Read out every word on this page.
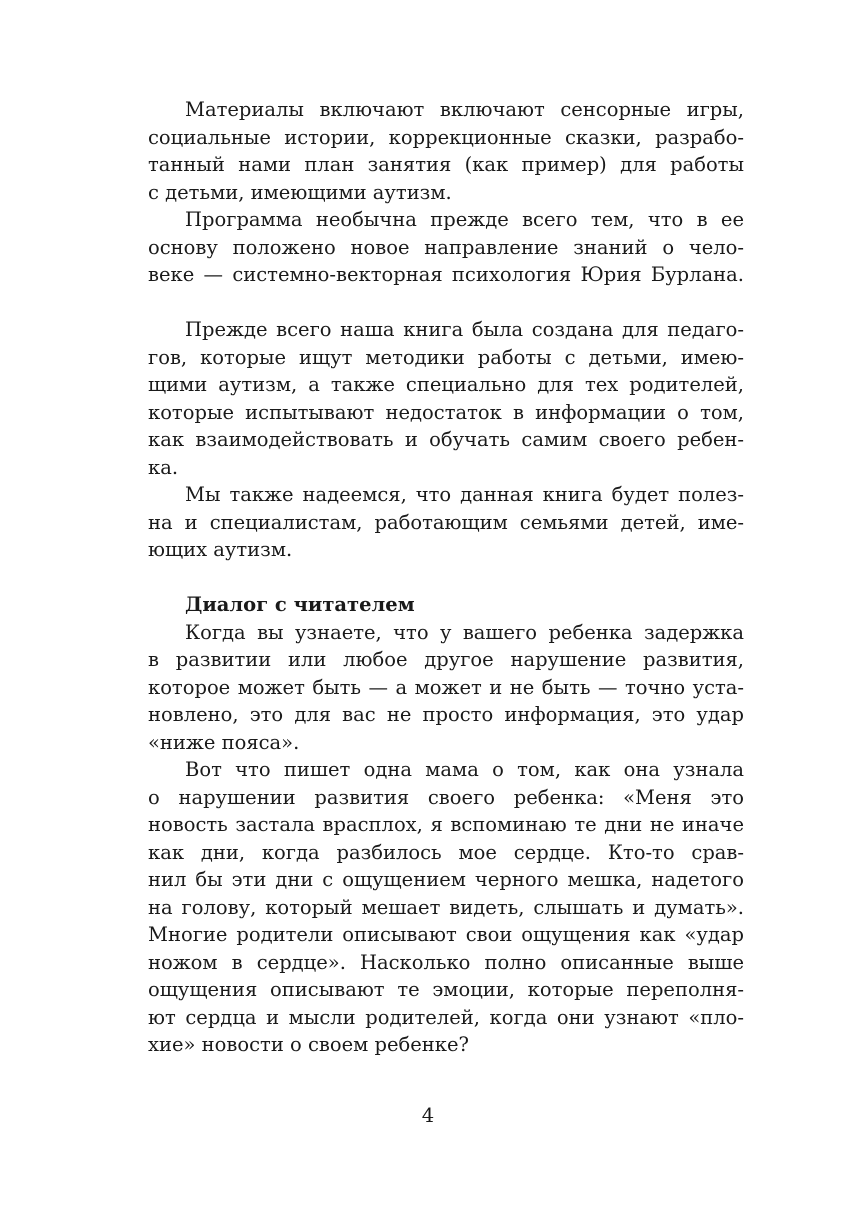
Материалы включают включают сенсорные игры,
социальные истории, коррекционные сказки, разрабо-
танный нами план занятия (как пример) для работы
с детьми, имеющими аутизм.
Программа необычна прежде всего тем, что в ее
основу положено новое направление знаний о чело-
веке — системно-векторная психология Юрия Бурлана.
Прежде всего наша книга была создана для педаго-
гов, которые ищут методики работы с детьми, имею-
щими аутизм, а также специально для тех родителей,
которые испытывают недостаток в информации о том,
как взаимодействовать и обучать самим своего ребен-
ка.
Мы также надеемся, что данная книга будет полез-
на и специалистам, работающим семьями детей, име-
ющих аутизм.
Диалог с читателем
Когда вы узнаете, что у вашего ребенка задержка
в развитии или любое другое нарушение развития,
которое может быть — а может и не быть — точно уста-
новлено, это для вас не просто информация, это удар
«ниже пояса».
Вот что пишет одна мама о том, как она узнала
о нарушении развития своего ребенка: «Меня это
новость застала врасплох, я вспоминаю те дни не иначе
как дни, когда разбилось мое сердце. Кто-то срав-
нил бы эти дни с ощущением черного мешка, надетого
на голову, который мешает видеть, слышать и думать».
Многие родители описывают свои ощущения как «удар
ножом в сердце». Насколько полно описанные выше
ощущения описывают те эмоции, которые переполня-
ют сердца и мысли родителей, когда они узнают «пло-
хие» новости о своем ребенке?
4
